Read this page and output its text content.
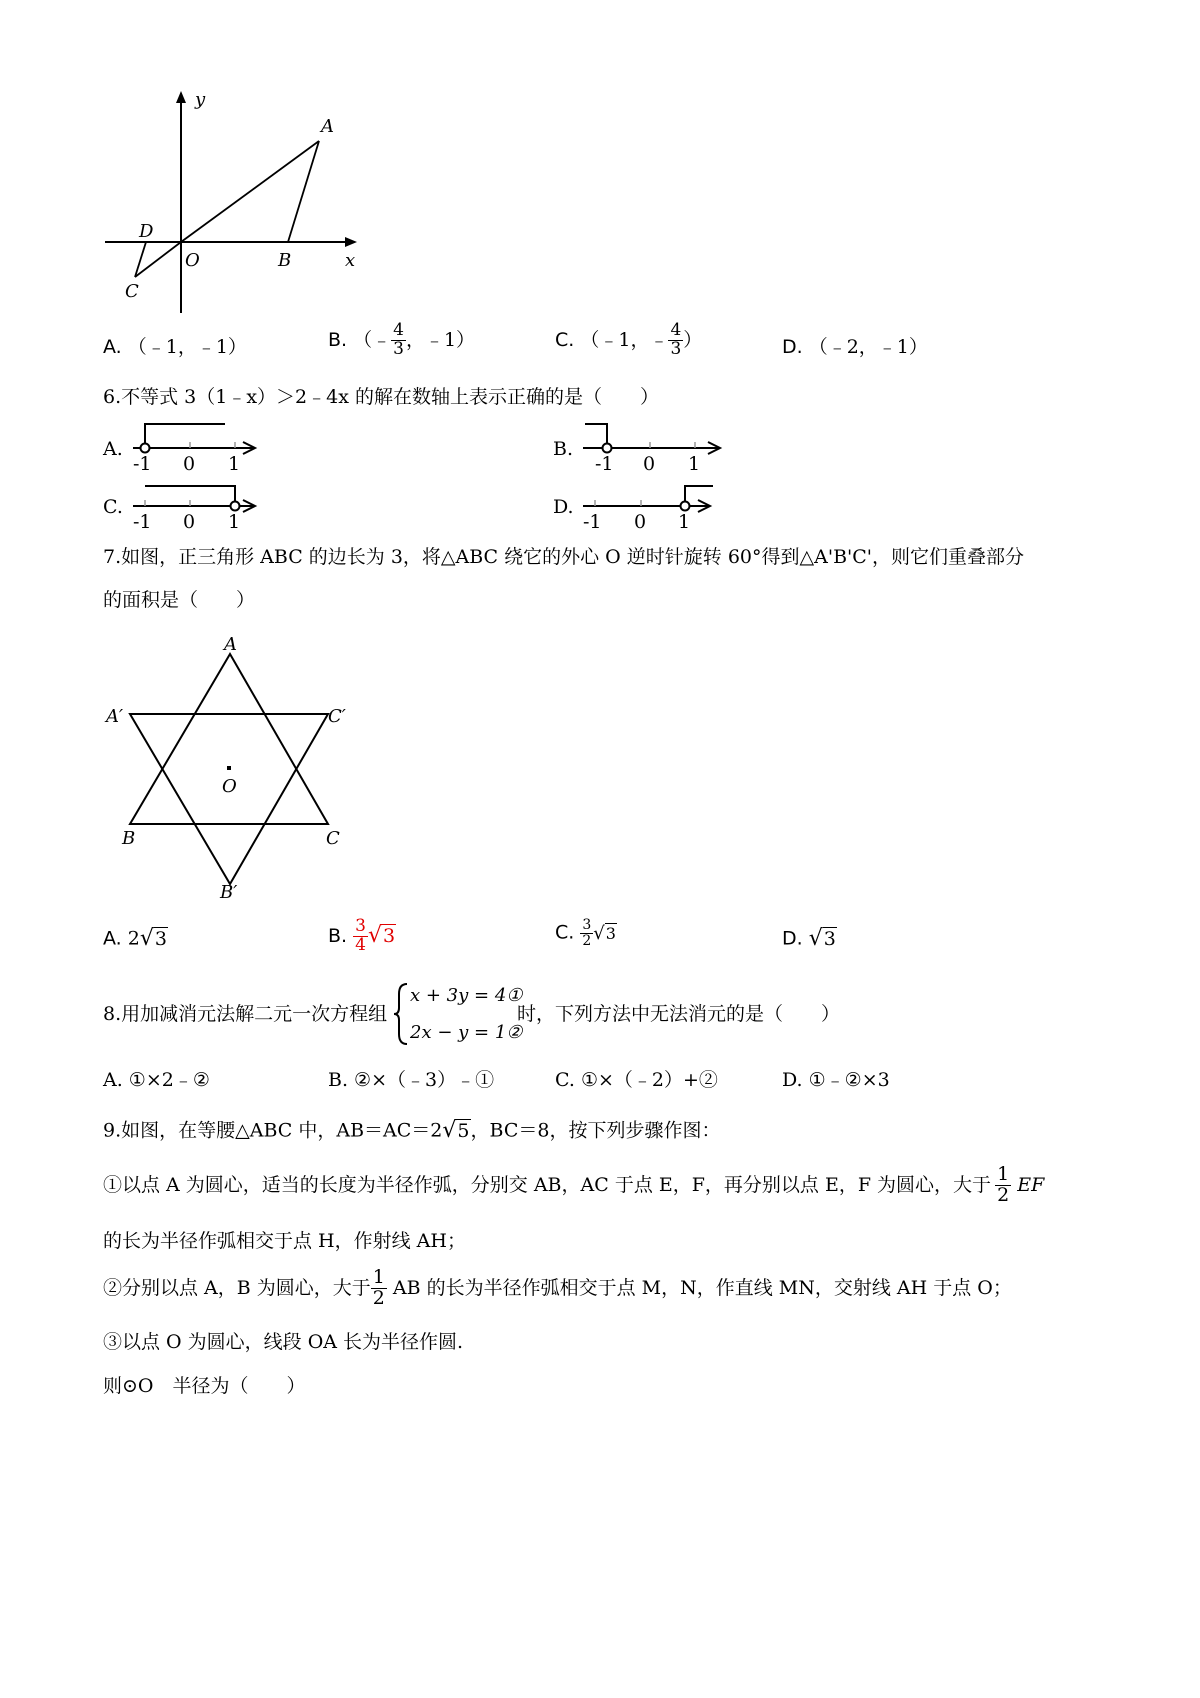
y
A
D
O	B	x
C
A. （﹣1，﹣1）	B. （﹣ $\frac{4}{3}$ ，﹣1）	C. （﹣1，﹣ $\frac{4}{3}$ ）	D. （﹣2，﹣1）
6.不等式 3（1﹣x）＞2﹣4x 的解在数轴上表示正确的是（　　）
A.
-1 0 1
B.
-1 0 1
C.
-1 0 1
D.
-1 0 1
7.如图，正三角形 ABC 的边长为 3，将△ABC 绕它的外心 O 逆时针旋转 60°得到△A'B'C'，则它们重叠部分
的面积是（　　）
A
A′	C′
O
B	C
B′
A. 2√3	B. $\frac{3}{4} √3$	C. $\frac{3}{2} √3$	D. √3
8.用加减消元法解二元一次方程组
x + 3y = 4①
2x − y = 1②
时，下列方法中无法消元的是（　　）
A. ①×2﹣②	B. ②×（﹣3）﹣①	C. ①×（﹣2）+②	D. ①﹣②×3
9.如图，在等腰△ABC 中，AB＝AC＝2√5，BC＝8，按下列步骤作图：
①以点 A 为圆心，适当的长度为半径作弧，分别交 AB，AC 于点 E，F，再分别以点 E，F 为圆心，大于 $\frac{1}{2}$ EF
的长为半径作弧相交于点 H，作射线 AH；
②分别以点 A，B 为圆心，大于 $\frac{1}{2}$ AB 的长为半径作弧相交于点 M，N，作直线 MN，交射线 AH 于点 O；
③以点 O 为圆心，线段 OA 长为半径作圆.
则⊙O　半径为（　　）
